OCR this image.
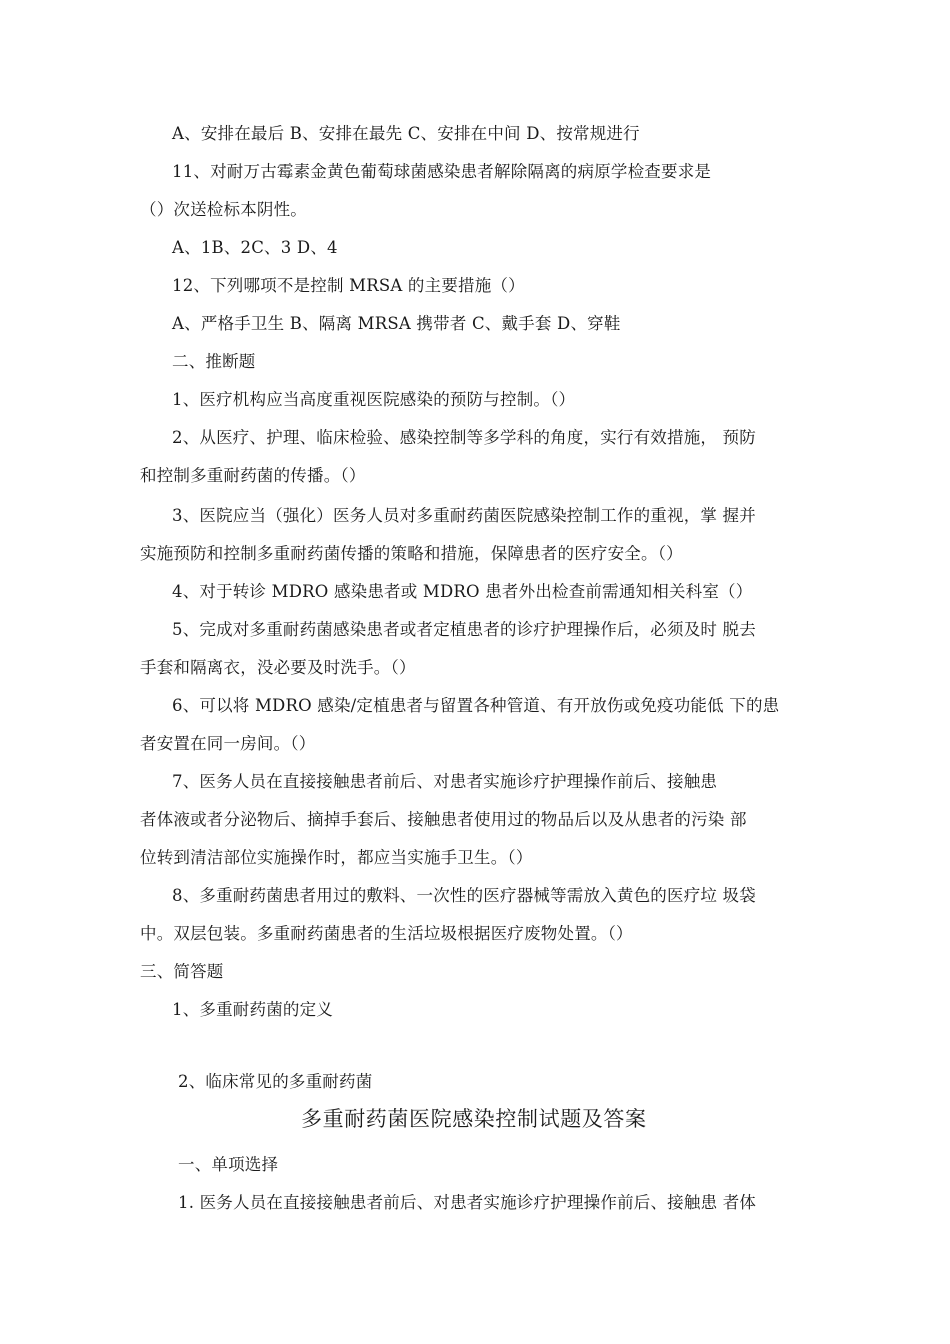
A、安排在最后 B、安排在最先 C、安排在中间 D、按常规进行
11、对耐万古霉素金黄色葡萄球菌感染患者解除隔离的病原学检查要求是
（）次送检标本阴性。
A、1B、2C、3 D、4
12、下列哪项不是控制 MRSA 的主要措施（）
A、严格手卫生 B、隔离 MRSA 携带者 C、戴手套 D、穿鞋
二、推断题
1、医疗机构应当高度重视医院感染的预防与控制。（）
2、从医疗、护理、临床检验、感染控制等多学科的角度，实行有效措施， 预防
和控制多重耐药菌的传播。（）
3、医院应当（强化）医务人员对多重耐药菌医院感染控制工作的重视，掌 握并
实施预防和控制多重耐药菌传播的策略和措施，保障患者的医疗安全。（）
4、对于转诊 MDRO 感染患者或 MDRO 患者外出检查前需通知相关科室（）
5、完成对多重耐药菌感染患者或者定植患者的诊疗护理操作后，必须及时 脱去
手套和隔离衣，没必要及时洗手。（）
6、可以将 MDRO 感染/定植患者与留置各种管道、有开放伤或免疫功能低 下的患
者安置在同一房间。（）
7、医务人员在直接接触患者前后、对患者实施诊疗护理操作前后、接触患
者体液或者分泌物后、摘掉手套后、接触患者使用过的物品后以及从患者的污染 部
位转到清洁部位实施操作时，都应当实施手卫生。（）
8、多重耐药菌患者用过的敷料、一次性的医疗器械等需放入黄色的医疗垃 圾袋
中。双层包装。多重耐药菌患者的生活垃圾根据医疗废物处置。（）
三、简答题
1、多重耐药菌的定义
2、临床常见的多重耐药菌
多重耐药菌医院感染控制试题及答案
一、单项选择
1. 医务人员在直接接触患者前后、对患者实施诊疗护理操作前后、接触患 者体
